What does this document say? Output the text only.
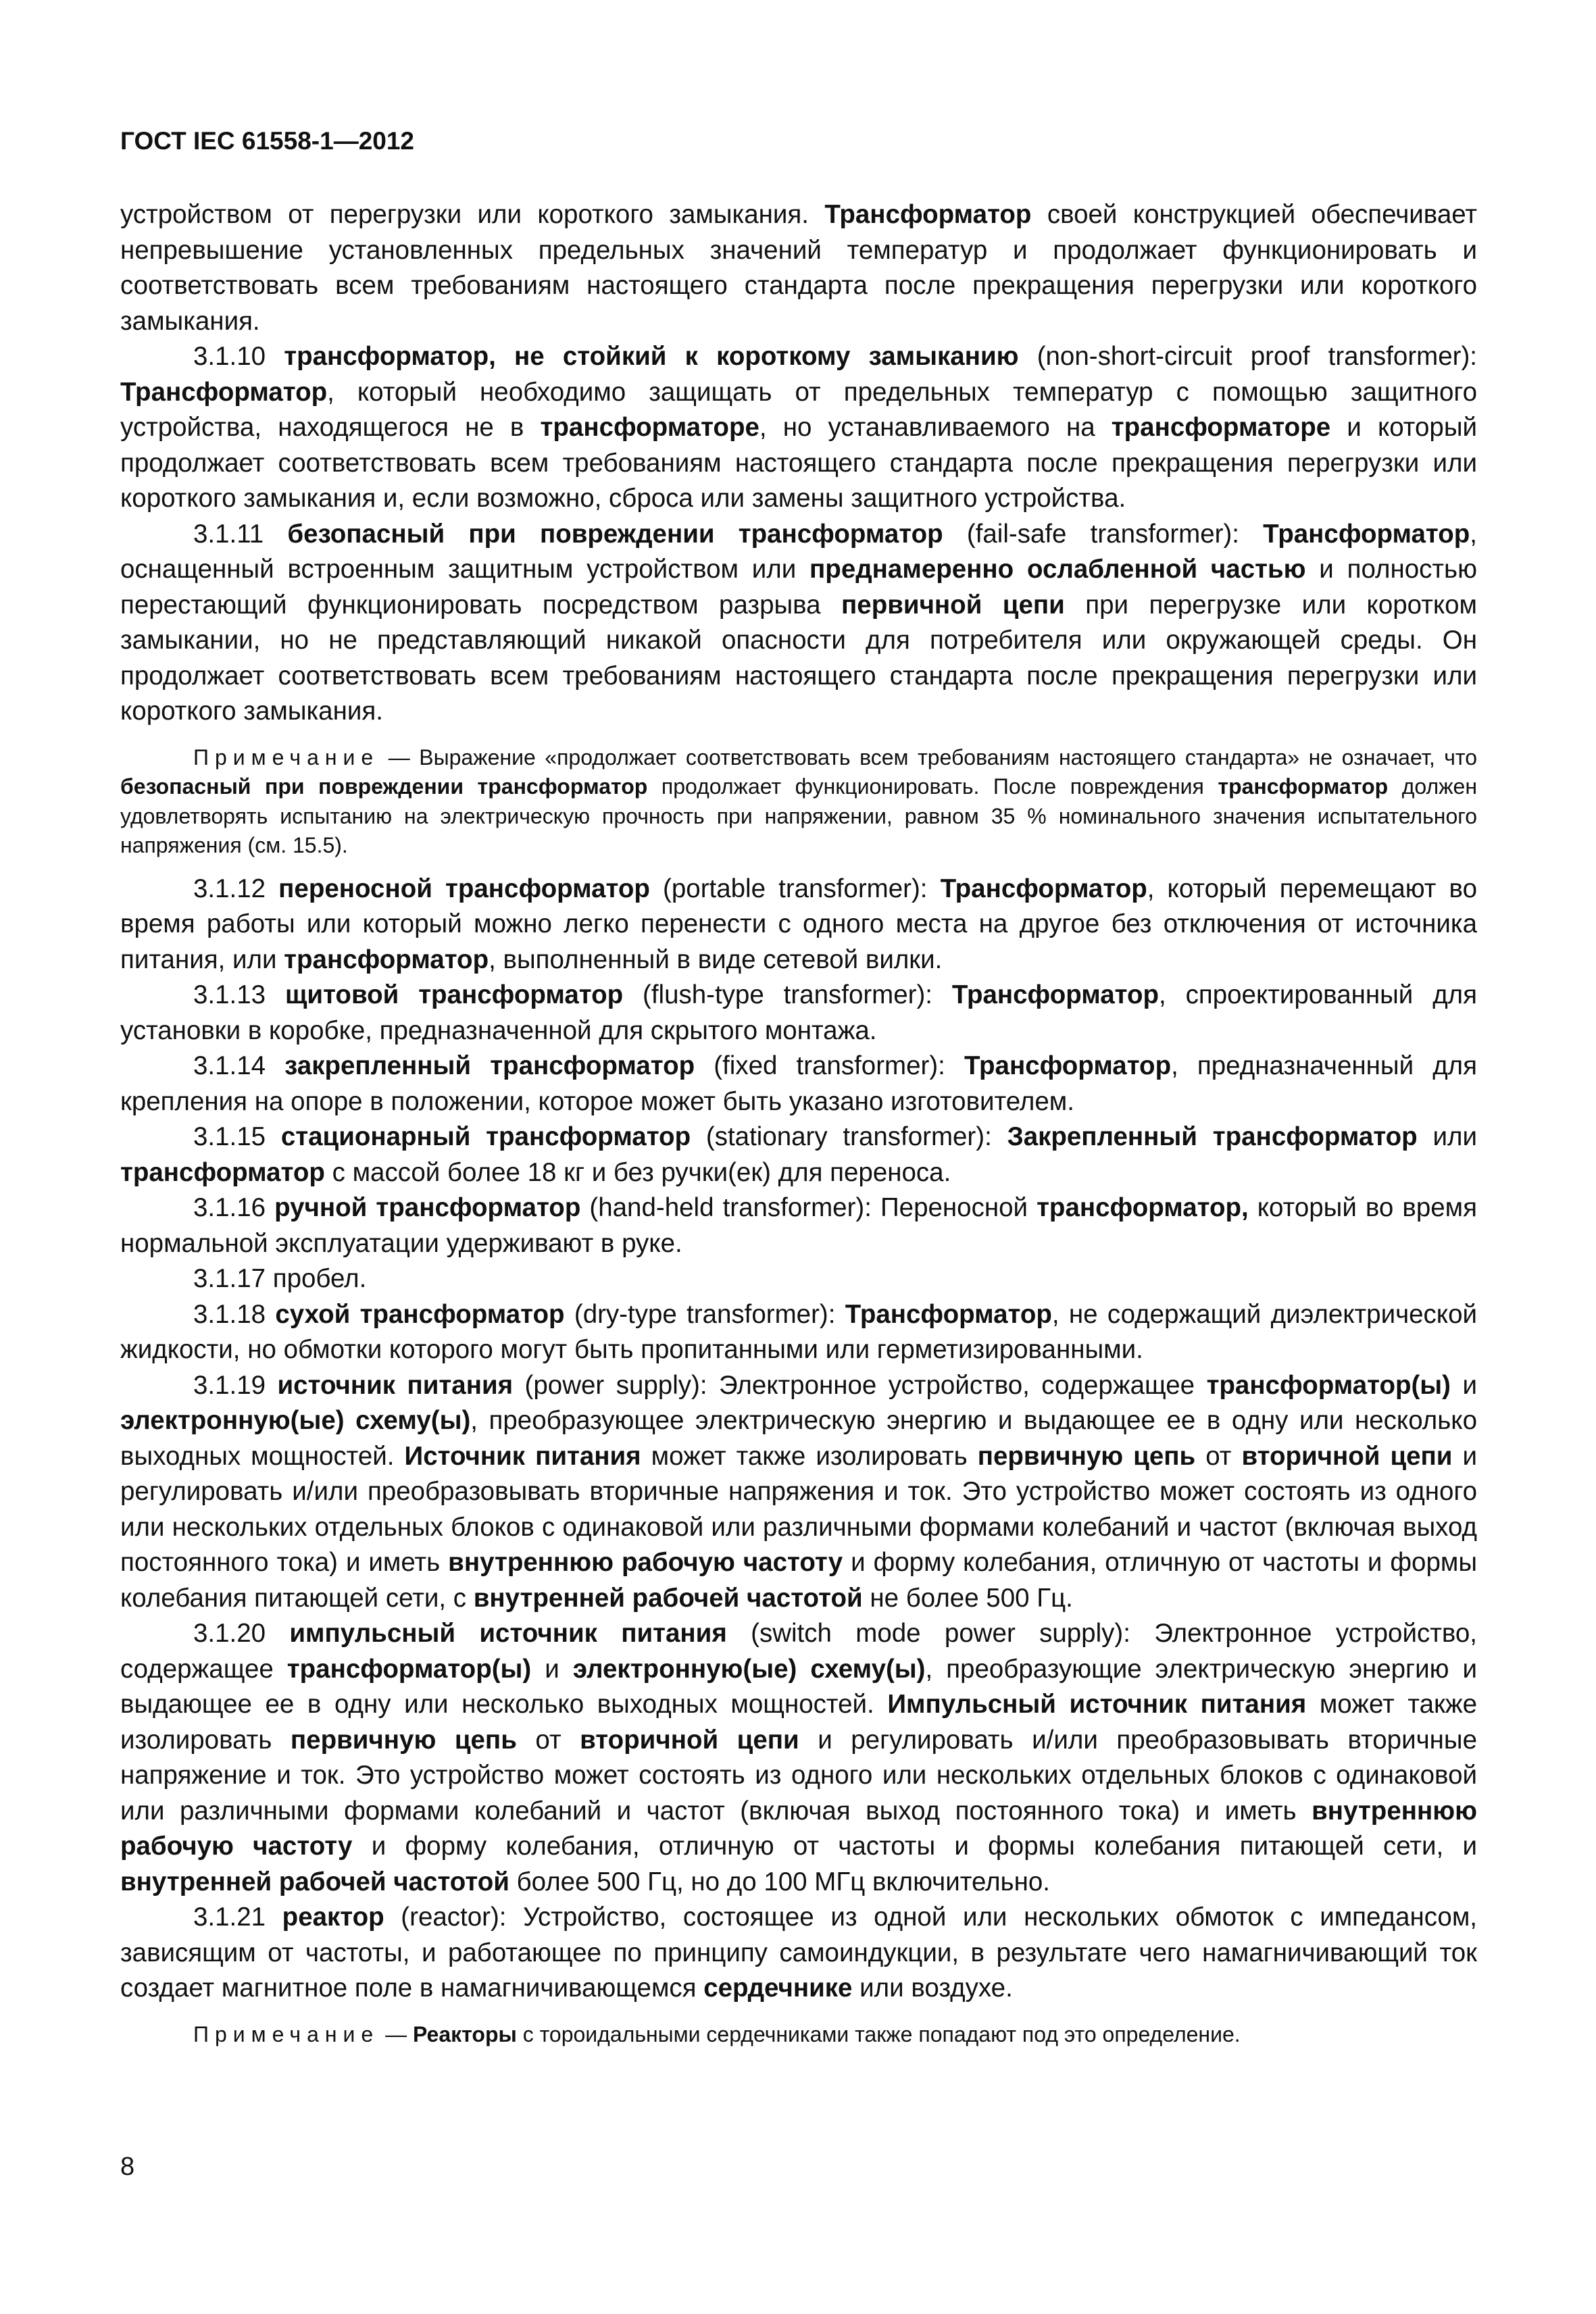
ГОСТ IEC 61558-1—2012

устройством от перегрузки или короткого замыкания. Трансформатор своей конструкцией обеспечивает непревышение установленных предельных значений температур и продолжает функционировать и соответствовать всем требованиям настоящего стандарта после прекращения перегрузки или короткого замыкания.

3.1.10 трансформатор, не стойкий к короткому замыканию (non-short-circuit proof transformer): Трансформатор, который необходимо защищать от предельных температур с помощью защитного устройства, находящегося не в трансформаторе, но устанавливаемого на трансформаторе и который продолжает соответствовать всем требованиям настоящего стандарта после прекращения перегрузки или короткого замыкания и, если возможно, сброса или замены защитного устройства.

3.1.11 безопасный при повреждении трансформатор (fail-safe transformer): Трансформатор, оснащенный встроенным защитным устройством или преднамеренно ослабленной частью и полностью перестающий функционировать посредством разрыва первичной цепи при перегрузке или коротком замыкании, но не представляющий никакой опасности для потребителя или окружающей среды. Он продолжает соответствовать всем требованиям настоящего стандарта после прекращения перегрузки или короткого замыкания.

Примечание — Выражение «продолжает соответствовать всем требованиям настоящего стандарта» не означает, что безопасный при повреждении трансформатор продолжает функционировать. После повреждения трансформатор должен удовлетворять испытанию на электрическую прочность при напряжении, равном 35 % номинального значения испытательного напряжения (см. 15.5).

3.1.12 переносной трансформатор (portable transformer): Трансформатор, который перемещают во время работы или который можно легко перенести с одного места на другое без отключения от источника питания, или трансформатор, выполненный в виде сетевой вилки.

3.1.13 щитовой трансформатор (flush-type transformer): Трансформатор, спроектированный для установки в коробке, предназначенной для скрытого монтажа.

3.1.14 закрепленный трансформатор (fixed transformer): Трансформатор, предназначенный для крепления на опоре в положении, которое может быть указано изготовителем.

3.1.15 стационарный трансформатор (stationary transformer): Закрепленный трансформатор или трансформатор с массой более 18 кг и без ручки(ек) для переноса.

3.1.16 ручной трансформатор (hand-held transformer): Переносной трансформатор, который во время нормальной эксплуатации удерживают в руке.

3.1.17 пробел.

3.1.18 сухой трансформатор (dry-type transformer): Трансформатор, не содержащий диэлектрической жидкости, но обмотки которого могут быть пропитанными или герметизированными.

3.1.19 источник питания (power supply): Электронное устройство, содержащее трансформатор(ы) и электронную(ые) схему(ы), преобразующее электрическую энергию и выдающее ее в одну или несколько выходных мощностей. Источник питания может также изолировать первичную цепь от вторичной цепи и регулировать и/или преобразовывать вторичные напряжения и ток. Это устройство может состоять из одного или нескольких отдельных блоков с одинаковой или различными формами колебаний и частот (включая выход постоянного тока) и иметь внутреннюю рабочую частоту и форму колебания, отличную от частоты и формы колебания питающей сети, с внутренней рабочей частотой не более 500 Гц.

3.1.20 импульсный источник питания (switch mode power supply): Электронное устройство, содержащее трансформатор(ы) и электронную(ые) схему(ы), преобразующие электрическую энергию и выдающее ее в одну или несколько выходных мощностей. Импульсный источник питания может также изолировать первичную цепь от вторичной цепи и регулировать и/или преобразовывать вторичные напряжение и ток. Это устройство может состоять из одного или нескольких отдельных блоков с одинаковой или различными формами колебаний и частот (включая выход постоянного тока) и иметь внутреннюю рабочую частоту и форму колебания, отличную от частоты и формы колебания питающей сети, и внутренней рабочей частотой более 500 Гц, но до 100 МГц включительно.

3.1.21 реактор (reactor): Устройство, состоящее из одной или нескольких обмоток с импедансом, зависящим от частоты, и работающее по принципу самоиндукции, в результате чего намагничивающий ток создает магнитное поле в намагничивающемся сердечнике или воздухе.

Примечание — Реакторы с тороидальными сердечниками также попадают под это определение.

8
